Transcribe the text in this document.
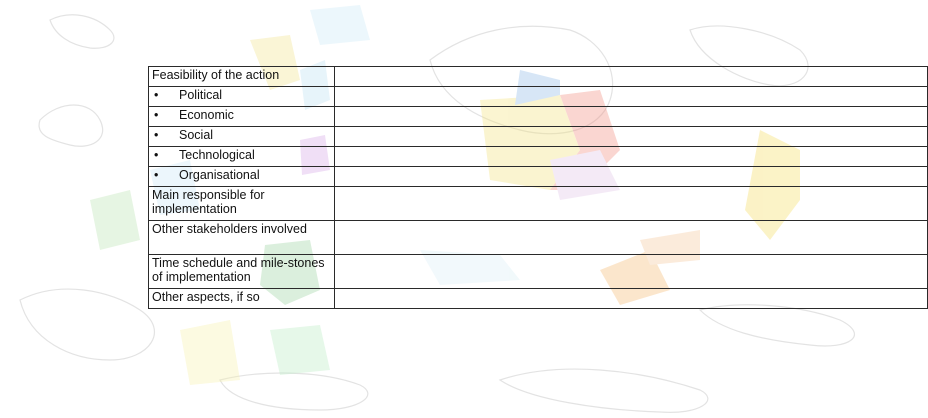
Feasibility of the action	

• Political	

• Economic	

• Social	

• Technological	

• Organisational	

Main responsible for implementation	
Other stakeholders involved	
Time schedule and mile-stones of implementation	
Other aspects, if so	
